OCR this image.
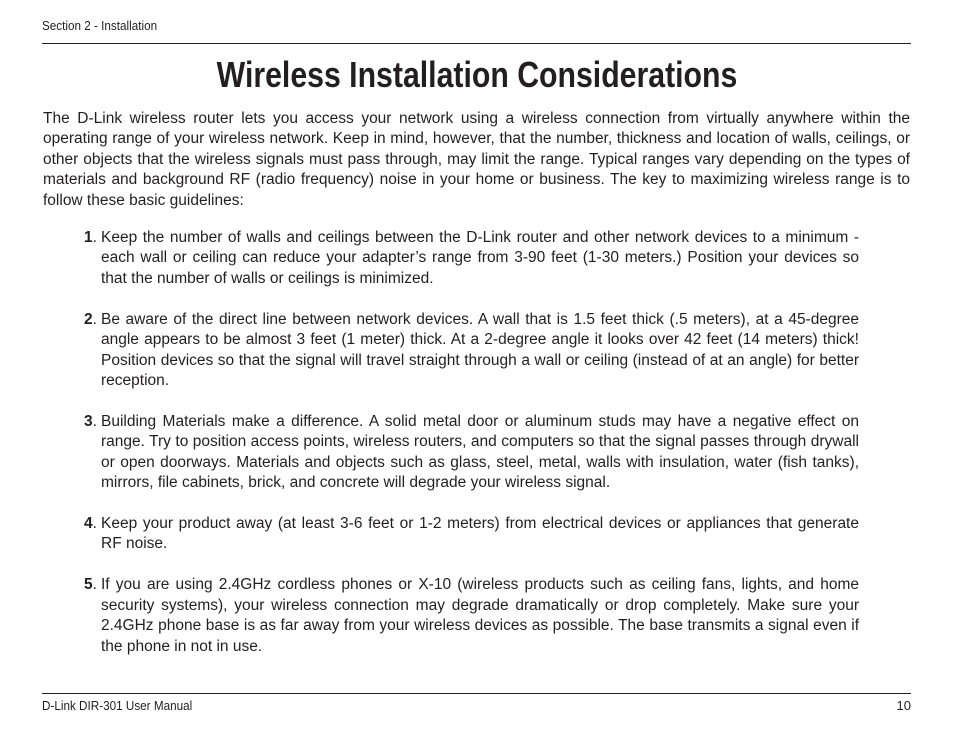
Section 2 - Installation
Wireless Installation Considerations

The D-Link wireless router lets you access your network using a wireless connection from virtually anywhere within the operating range of your wireless network. Keep in mind, however, that the number, thickness and location of walls, ceilings, or other objects that the wireless signals must pass through, may limit the range. Typical ranges vary depending on the types of materials and background RF (radio frequency) noise in your home or business. The key to maximizing wireless range is to follow these basic guidelines:

1. Keep the number of walls and ceilings between the D-Link router and other network devices to a minimum - each wall or ceiling can reduce your adapter’s range from 3-90 feet (1-30 meters.) Position your devices so that the number of walls or ceilings is minimized.
2. Be aware of the direct line between network devices. A wall that is 1.5 feet thick (.5 meters), at a 45-degree angle appears to be almost 3 feet (1 meter) thick. At a 2-degree angle it looks over 42 feet (14 meters) thick! Position devices so that the signal will travel straight through a wall or ceiling (instead of at an angle) for better reception.
3. Building Materials make a difference. A solid metal door or aluminum studs may have a negative effect on range. Try to position access points, wireless routers, and computers so that the signal passes through drywall or open doorways. Materials and objects such as glass, steel, metal, walls with insulation, water (fish tanks), mirrors, file cabinets, brick, and concrete will degrade your wireless signal.
4. Keep your product away (at least 3-6 feet or 1-2 meters) from electrical devices or appliances that generate RF noise.
5. If you are using 2.4GHz cordless phones or X-10 (wireless products such as ceiling fans, lights, and home security systems), your wireless connection may degrade dramatically or drop completely. Make sure your 2.4GHz phone base is as far away from your wireless devices as possible. The base transmits a signal even if the phone in not in use.
D-Link DIR-301 User Manual	10
